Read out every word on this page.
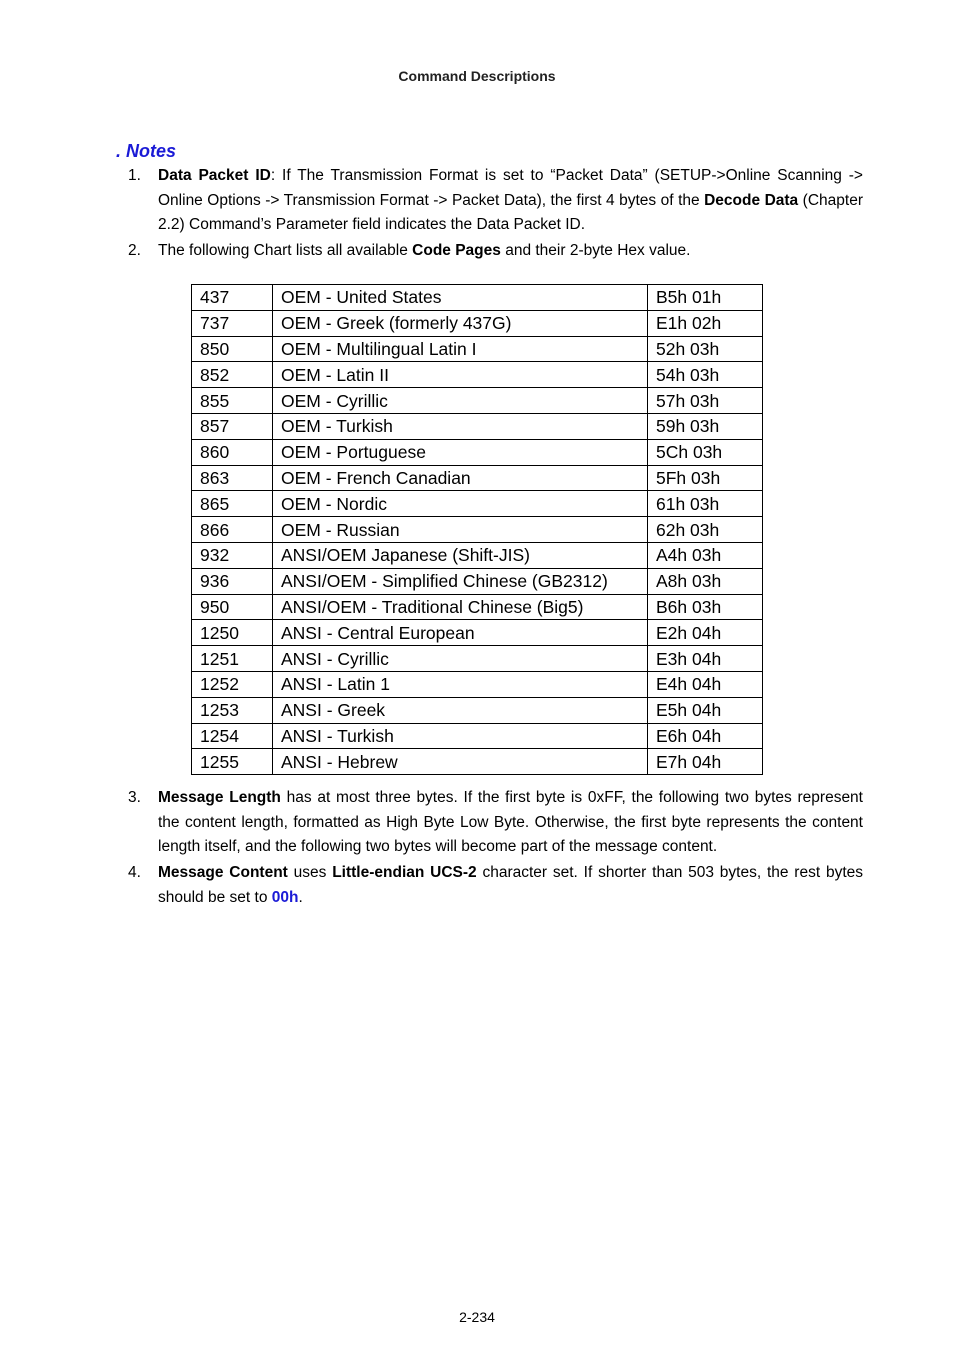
Command Descriptions
. Notes
1. Data Packet ID: If The Transmission Format is set to “Packet Data” (SETUP->Online Scanning -> Online Options -> Transmission Format -> Packet Data), the first 4 bytes of the Decode Data (Chapter 2.2) Command’s Parameter field indicates the Data Packet ID.
2. The following Chart lists all available Code Pages and their 2-byte Hex value.
437	OEM - United States	B5h 01h
737	OEM - Greek (formerly 437G)	E1h 02h
850	OEM - Multilingual Latin I	52h 03h
852	OEM - Latin II	54h 03h
855	OEM - Cyrillic	57h 03h
857	OEM - Turkish	59h 03h
860	OEM - Portuguese	5Ch 03h
863	OEM - French Canadian	5Fh 03h
865	OEM - Nordic	61h 03h
866	OEM - Russian	62h 03h
932	ANSI/OEM Japanese (Shift-JIS)	A4h 03h
936	ANSI/OEM - Simplified Chinese (GB2312)	A8h 03h
950	ANSI/OEM - Traditional Chinese (Big5)	B6h 03h
1250	ANSI - Central European	E2h 04h
1251	ANSI - Cyrillic	E3h 04h
1252	ANSI - Latin 1	E4h 04h
1253	ANSI - Greek	E5h 04h
1254	ANSI - Turkish	E6h 04h
1255	ANSI - Hebrew	E7h 04h
3. Message Length has at most three bytes. If the first byte is 0xFF, the following two bytes represent the content length, formatted as High Byte Low Byte. Otherwise, the first byte represents the content length itself, and the following two bytes will become part of the message content.
4. Message Content uses Little-endian UCS-2 character set. If shorter than 503 bytes, the rest bytes should be set to 00h.
2-234
